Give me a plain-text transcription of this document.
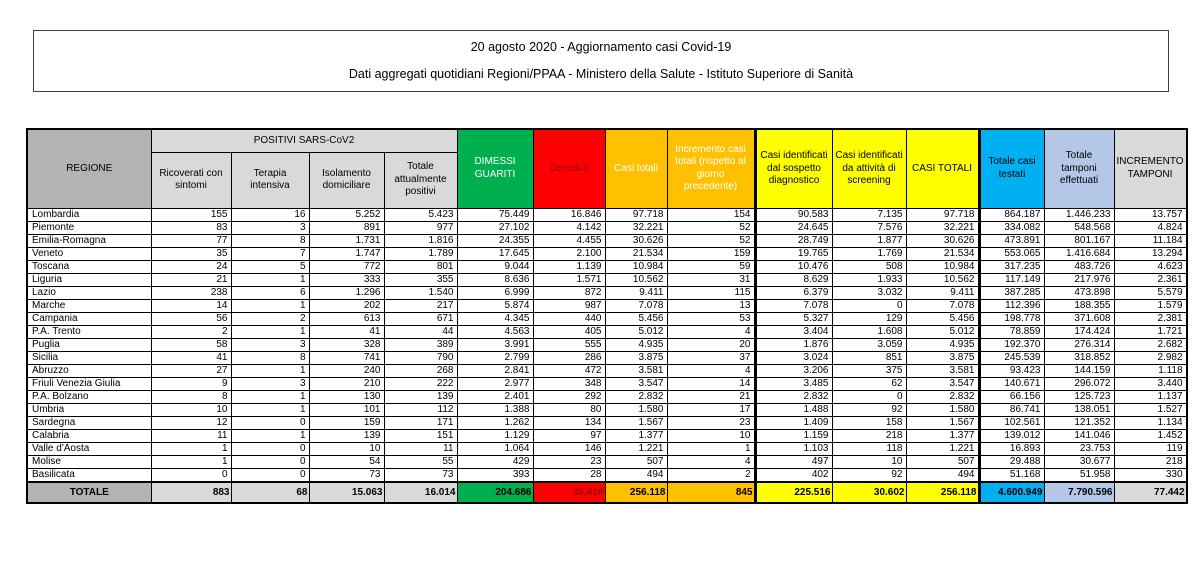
20 agosto 2020 - Aggiornamento casi Covid-19
Dati aggregati quotidiani Regioni/PPAA - Ministero della Salute - Istituto Superiore di Sanità
REGIONE	POSITIVI SARS-CoV2				DIMESSI GUARITI	Deceduti	Casi totali	Incremento casi totali (rispetto al giorno precedente)	Casi identificati dal sospetto diagnostico	Casi identificati da attività di screening	CASI TOTALI	Totale casi testati	Totale tamponi effettuati	INCREMENTO TAMPONI
	Ricoverati con sintomi	Terapia intensiva	Isolamento domiciliare	Totale attualmente positivi										
Lombardia	155	16	5.252	5.423	75.449	16.846	97.718	154	90.583	7.135	97.718	864.187	1.446.233	13.757
Piemonte	83	3	891	977	27.102	4.142	32.221	52	24.645	7.576	32.221	334.082	548.568	4.824
Emilia-Romagna	77	8	1.731	1.816	24.355	4.455	30.626	52	28.749	1.877	30.626	473.891	801.167	11.184
Veneto	35	7	1.747	1.789	17.645	2.100	21.534	159	19.765	1.769	21.534	553.065	1.416.684	13.294
Toscana	24	5	772	801	9.044	1.139	10.984	59	10.476	508	10.984	317.235	483.726	4.623
Liguria	21	1	333	355	8.636	1.571	10.562	31	8.629	1.933	10.562	117.149	217.976	2.361
Lazio	238	6	1.296	1.540	6.999	872	9.411	115	6.379	3.032	9.411	387.285	473.898	5.579
Marche	14	1	202	217	5.874	987	7.078	13	7.078	0	7.078	112.396	188.355	1.579
Campania	56	2	613	671	4.345	440	5.456	53	5.327	129	5.456	198.778	371.608	2.381
P.A. Trento	2	1	41	44	4.563	405	5.012	4	3.404	1.608	5.012	78.859	174.424	1.721
Puglia	58	3	328	389	3.991	555	4.935	20	1.876	3.059	4.935	192.370	276.314	2.682
Sicilia	41	8	741	790	2.799	286	3.875	37	3.024	851	3.875	245.539	318.852	2.982
Abruzzo	27	1	240	268	2.841	472	3.581	4	3.206	375	3.581	93.423	144.159	1.118
Friuli Venezia Giulia	9	3	210	222	2.977	348	3.547	14	3.485	62	3.547	140.671	296.072	3.440
P.A. Bolzano	8	1	130	139	2.401	292	2.832	21	2.832	0	2.832	66.156	125.723	1.137
Umbria	10	1	101	112	1.388	80	1.580	17	1.488	92	1.580	86.741	138.051	1.527
Sardegna	12	0	159	171	1.262	134	1.567	23	1.409	158	1.567	102.561	121.352	1.134
Calabria	11	1	139	151	1.129	97	1.377	10	1.159	218	1.377	139.012	141.046	1.452
Valle d'Aosta	1	0	10	11	1.064	146	1.221	1	1.103	118	1.221	16.893	23.753	119
Molise	1	0	54	55	429	23	507	4	497	10	507	29.488	30.677	218
Basilicata	0	0	73	73	393	28	494	2	402	92	494	51.168	51.958	330
TOTALE	883	68	15.063	16.014	204.686	35.418	256.118	845	225.516	30.602	256.118	4.600.949	7.790.596	77.442
